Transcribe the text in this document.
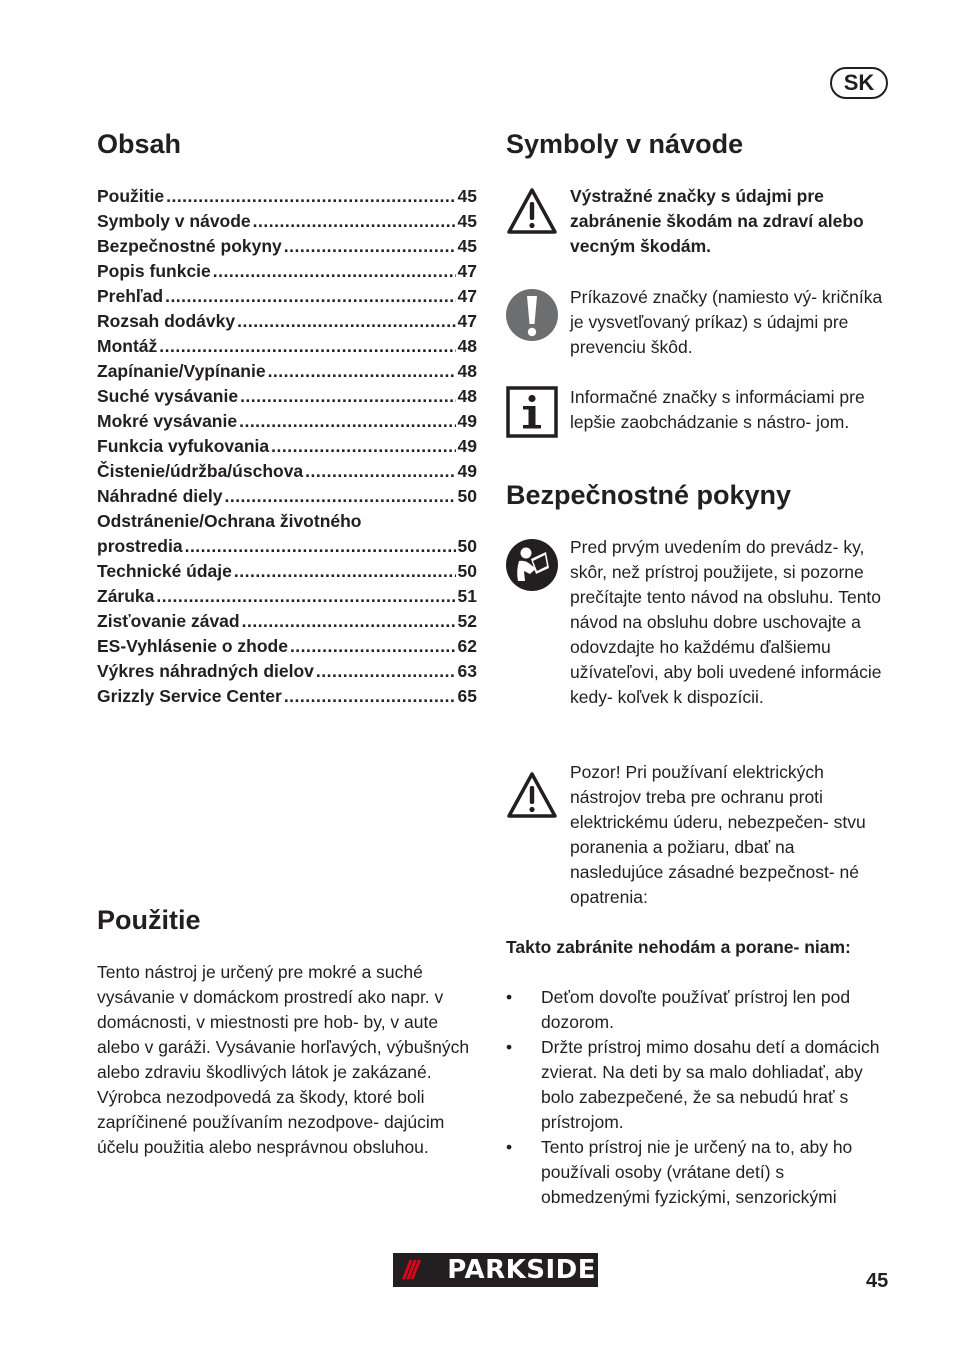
SK
Obsah
Použitie .....	45
Symboly v návode .....	45
Bezpečnostné pokyny .....	45
Popis funkcie .....	47
Prehľad .....	47
Rozsah dodávky .....	47
Montáž .....	48
Zapínanie/Vypínanie .....	48
Suché vysávanie .....	48
Mokré vysávanie .....	49
Funkcia vyfukovania .....	49
Čistenie/údržba/úschova .....	49
Náhradné diely .....	50
Odstránenie/Ochrana životného
prostredia .....	50
Technické údaje .....	50
Záruka .....	51
Zisťovanie závad .....	52
ES-Vyhlásenie o zhode .....	62
Výkres náhradných dielov .....	63
Grizzly Service Center .....	65
Použitie

Tento nástroj je určený pre mokré a suché vysávanie v domáckom prostredí ako napr. v domácnosti, v miestnosti pre hob- by, v aute alebo v garáži. Vysávanie horľavých, výbušných alebo zdraviu škodlivých látok je zakázané. Výrobca nezodpovedá za škody, ktoré boli zapríčinené používaním nezodpove- dajúcim účelu použitia alebo nesprávnou obsluhou.

Symboly v návode

Výstražné značky s údajmi pre zabránenie škodám na zdraví alebo vecným škodám.

Príkazové značky (namiesto vý- kričníka je vysvetľovaný príkaz) s údajmi pre prevenciu škôd.

Informačné značky s informáciami pre lepšie zaobchádzanie s nástro- jom.

Bezpečnostné pokyny

Pred prvým uvedením do prevádz- ky, skôr, než prístroj použijete, si pozorne prečítajte tento návod na obsluhu. Tento návod na obsluhu dobre uschovajte a odovzdajte ho každému ďalšiemu užívateľovi, aby boli uvedené informácie kedy- koľvek k dispozícii.

Pozor! Pri používaní elektrických nástrojov treba pre ochranu proti elektrickému úderu, nebezpečen- stvu poranenia a požiaru, dbať na nasledujúce zásadné bezpečnost- né opatrenia:

Takto zabránite nehodám a porane- niam:

• Deťom dovoľte používať prístroj len pod dozorom.
• Držte prístroj mimo dosahu detí a domácich zvierat. Na deti by sa malo dohliadať, aby bolo zabezpečené, že sa nebudú hrať s prístrojom.
• Tento prístroj nie je určený na to, aby ho používali osoby (vrátane detí) s obmedzenými fyzickými, senzorickými
///	PARKSIDE	45
